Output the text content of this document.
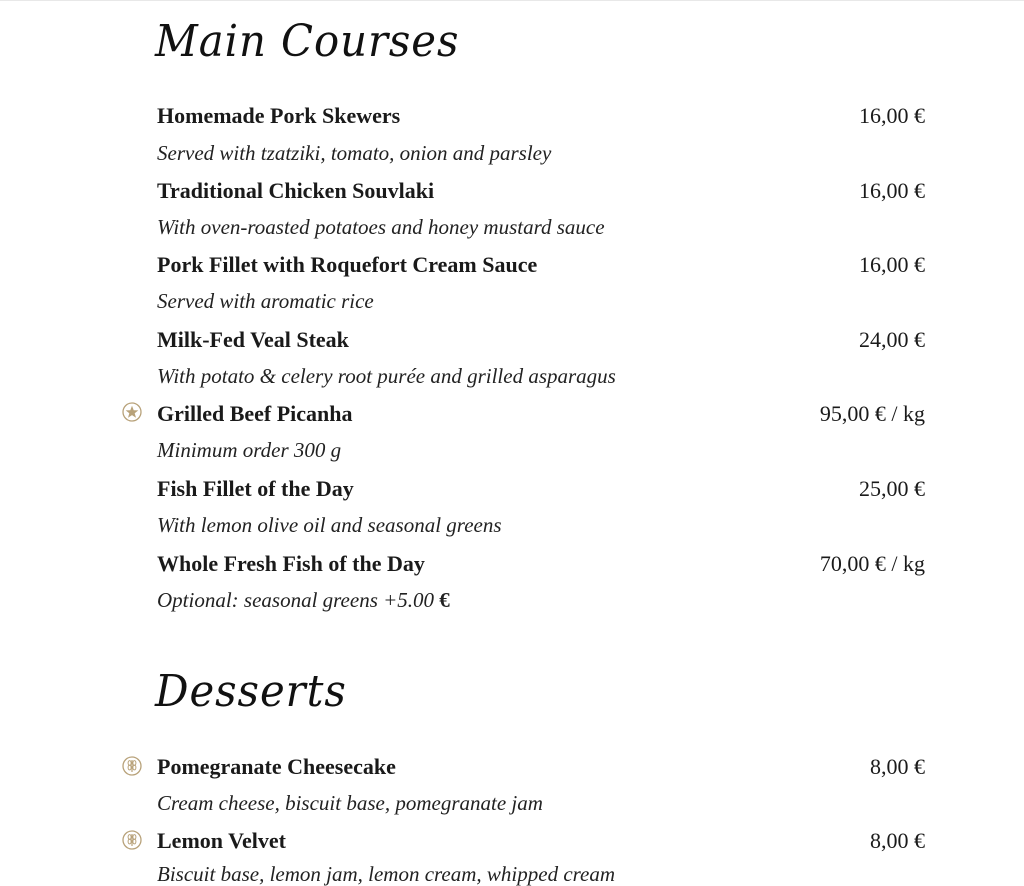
Main Courses
Homemade Pork Skewers	16,00 €
Served with tzatziki, tomato, onion and parsley
Traditional Chicken Souvlaki	16,00 €
With oven-roasted potatoes and honey mustard sauce
Pork Fillet with Roquefort Cream Sauce	16,00 €
Served with aromatic rice
Milk-Fed Veal Steak	24,00 €
With potato & celery root purée and grilled asparagus
Grilled Beef Picanha	95,00 € / kg
Minimum order 300 g
Fish Fillet of the Day	25,00 €
With lemon olive oil and seasonal greens
Whole Fresh Fish of the Day	70,00 € / kg
Optional: seasonal greens +5.00 €
Desserts
Pomegranate Cheesecake	8,00 €
Cream cheese, biscuit base, pomegranate jam
Lemon Velvet	8,00 €
Biscuit base, lemon jam, lemon cream, whipped cream
